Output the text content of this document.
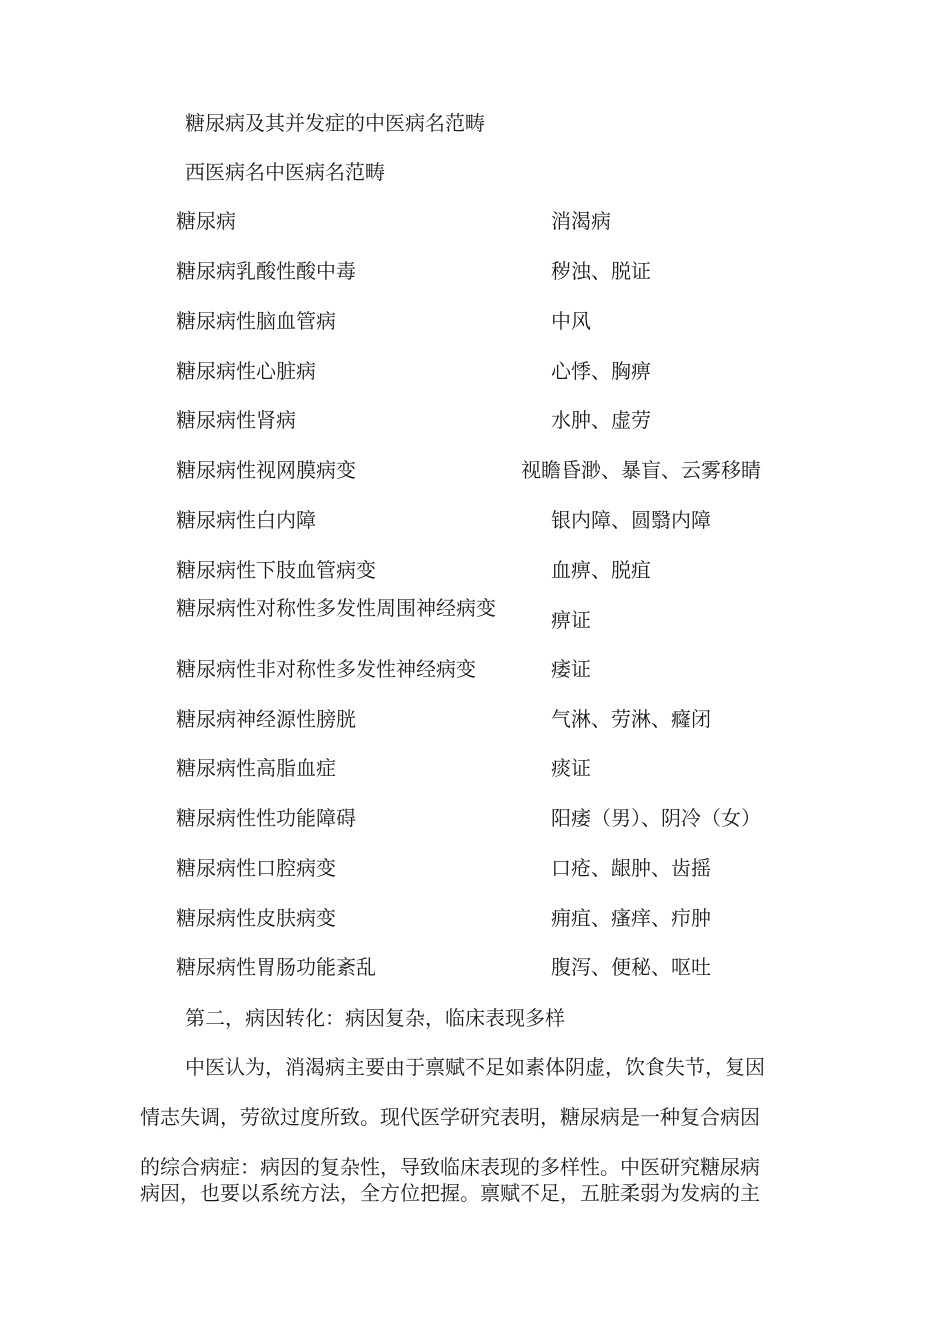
糖尿病及其并发症的中医病名范畴
西医病名中医病名范畴
糖尿病	消渴病
糖尿病乳酸性酸中毒	秽浊、脱证
糖尿病性脑血管病	中风
糖尿病性心脏病	心悸、胸痹
糖尿病性肾病	水肿、虚劳
糖尿病性视网膜病变	视瞻昏渺、暴盲、云雾移睛
糖尿病性白内障	银内障、圆翳内障
糖尿病性下肢血管病变	血痹、脱疽
糖尿病性对称性多发性周围神经病变	痹证
糖尿病性非对称性多发性神经病变	痿证
糖尿病神经源性膀胱	气淋、劳淋、癃闭
糖尿病性高脂血症	痰证
糖尿病性性功能障碍	阳痿（男）、阴冷（女）
糖尿病性口腔病变	口疮、龈肿、齿摇
糖尿病性皮肤病变	痈疽、瘙痒、疖肿
糖尿病性胃肠功能紊乱	腹泻、便秘、呕吐
第二，病因转化：病因复杂，临床表现多样
中医认为，消渴病主要由于禀赋不足如素体阴虚，饮食失节，复因
情志失调，劳欲过度所致。现代医学研究表明，糖尿病是一种复合病因
的综合病症：病因的复杂性，导致临床表现的多样性。中医研究糖尿病
病因，也要以系统方法，全方位把握。禀赋不足，五脏柔弱为发病的主
